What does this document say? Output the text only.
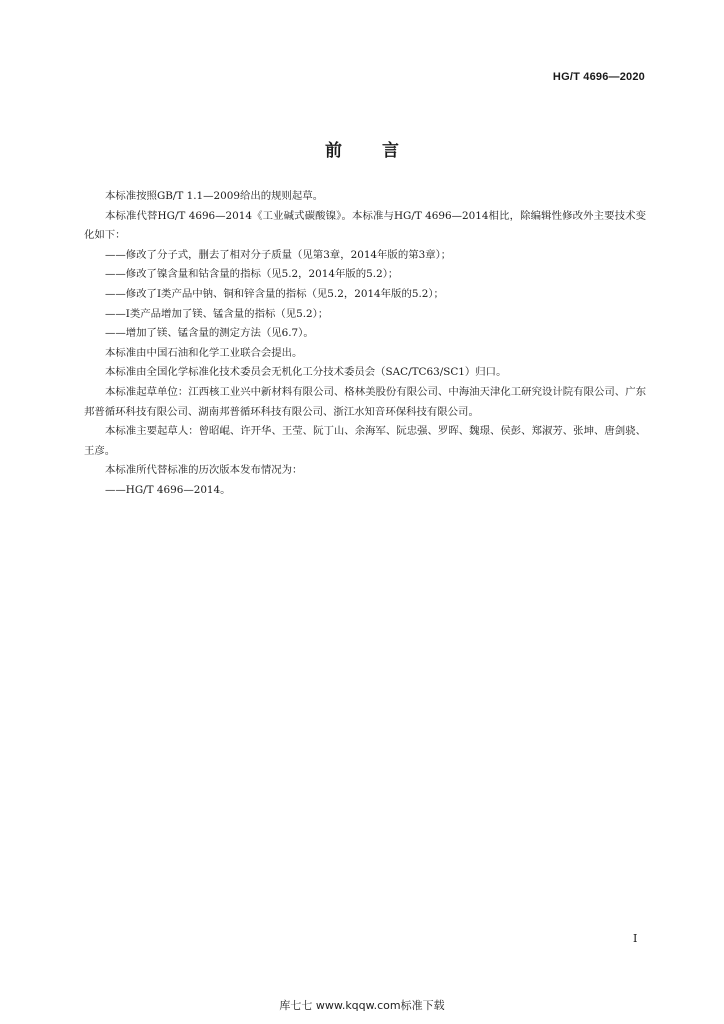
HG/T 4696—2020
前 言

本标准按照GB/T 1.1—2009给出的规则起草。

本标准代替HG/T 4696—2014《工业碱式碳酸镍》。本标准与HG/T 4696—2014相比，除编辑性修改外主要技术变化如下：

——修改了分子式，删去了相对分子质量（见第3章，2014年版的第3章）；

——修改了镍含量和钴含量的指标（见5.2，2014年版的5.2）；

——修改了Ⅰ类产品中钠、铜和锌含量的指标（见5.2，2014年版的5.2）；

——Ⅰ类产品增加了镁、锰含量的指标（见5.2）；

——增加了镁、锰含量的测定方法（见6.7）。

本标准由中国石油和化学工业联合会提出。

本标准由全国化学标准化技术委员会无机化工分技术委员会（SAC/TC63/SC1）归口。

本标准起草单位：江西核工业兴中新材料有限公司、格林美股份有限公司、中海油天津化工研究设计院有限公司、广东邦普循环科技有限公司、湖南邦普循环科技有限公司、浙江水知音环保科技有限公司。

本标准主要起草人：曾昭崐、许开华、王莹、阮丁山、余海军、阮忠强、罗晖、魏璟、侯彭、郑淑芳、张坤、唐剑骁、王彦。

本标准所代替标准的历次版本发布情况为：

——HG/T 4696—2014。

I
库七七 www.kqqw.com标准下载
